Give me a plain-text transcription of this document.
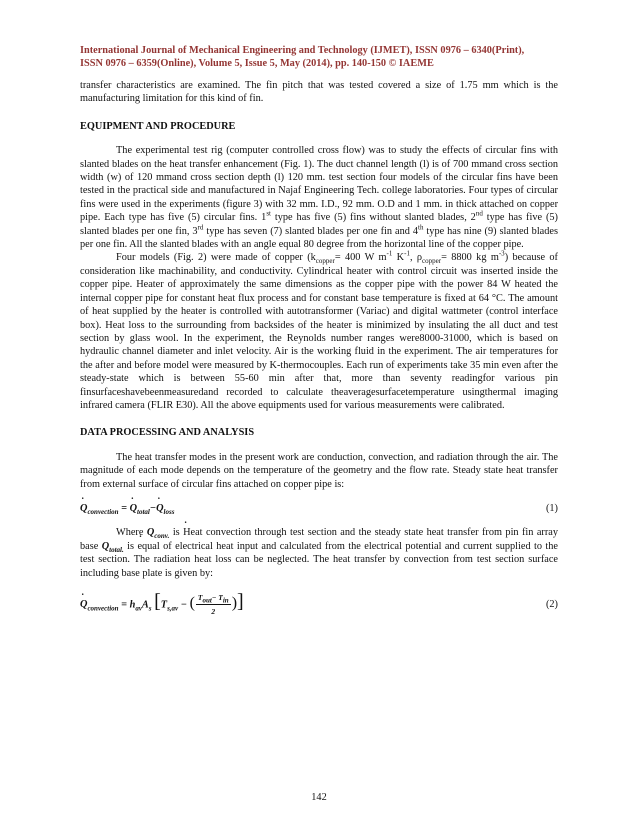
International Journal of Mechanical Engineering and Technology (IJMET), ISSN 0976 – 6340(Print),
ISSN 0976 – 6359(Online), Volume 5, Issue 5, May (2014), pp. 140-150 © IAEME

transfer characteristics are examined. The fin pitch that was tested covered a size of 1.75 mm which is the manufacturing limitation for this kind of fin.

EQUIPMENT AND PROCEDURE

The experimental test rig (computer controlled cross flow) was to study the effects of circular fins with slanted blades on the heat transfer enhancement (Fig. 1). The duct channel length (l) is of 700 mmand cross section width (w) of 120 mmand cross section depth (l) 120 mm. test section four models of the circular fins have been tested in the practical side and manufactured in Najaf Engineering Tech. college laboratories. Four types of circular fins were used in the experiments (figure 3) with 32 mm. I.D., 92 mm. O.D and 1 mm. in thick attached on copper pipe. Each type has five (5) circular fins. 1st type has five (5) fins without slanted blades, 2nd type has five (5) slanted blades per one fin, 3rd type has seven (7) slanted blades per one fin and 4th type has nine (9) slanted blades per one fin. All the slanted blades with an angle equal 80 degree from the horizontal line of the copper pipe.

Four models (Fig. 2) were made of copper ($k_{copper}= 400$ W $m^{-1}$ $K^{-1}$, $\rho_{copper}= 8800$ kg $m^{-3}$) because of consideration like machinability, and conductivity. Cylindrical heater with control circuit was inserted inside the copper pipe. Heater of approximately the same dimensions as the copper pipe with the power 84 W heated the internal copper pipe for constant heat flux process and for constant base temperature is fixed at 64 °C. The amount of heat supplied by the heater is controlled with autotransformer (Variac) and digital wattmeter (control interface box). Heat loss to the surrounding from backsides of the heater is minimized by insulating the all duct and test section by glass wool. In the experiment, the Reynolds number ranges were8000-31000, which is based on hydraulic channel diameter and inlet velocity. Air is the working fluid in the experiment. The air temperatures for the after and before model were measured by K-thermocouples. Each run of experiments take 35 min even after the steady-state which is between 55-60 min after that, more than seventy readingfor various pin finsurfaceshavebeenmeasuredand recorded to calculate theaveragesurfacetemperature usingthermal imaging infrared camera (FLIR E30). All the above equipments used for various measurements were calibrated.

DATA PROCESSING AND ANALYSIS

The heat transfer modes in the present work are conduction, convection, and radiation through the air. The magnitude of each mode depends on the temperature of the geometry and the flow rate. Steady state heat transfer from external surface of circular fins attached on copper pipe is:

˙ $Q_{convection}$ = ˙ $Q_{total}-˙$ $Q_{loss}$	(1)

Where ˙ $Q_{conv.}$ is Heat convection through test section and the steady state heat transfer from pin fin array base ˙ $Q_{total.}$ is equal of electrical heat input and calculated from the electrical potential and current supplied to the test section. The radiation heat loss can be neglected. The heat transfer by convection from test section surface including base plate is given by:

˙ $Q_{convection} = h_{av}A_s$ [$T_{s,av}$ − ( $\frac{T_{out}- T_{in}}{2}$ )]	(2)
142
